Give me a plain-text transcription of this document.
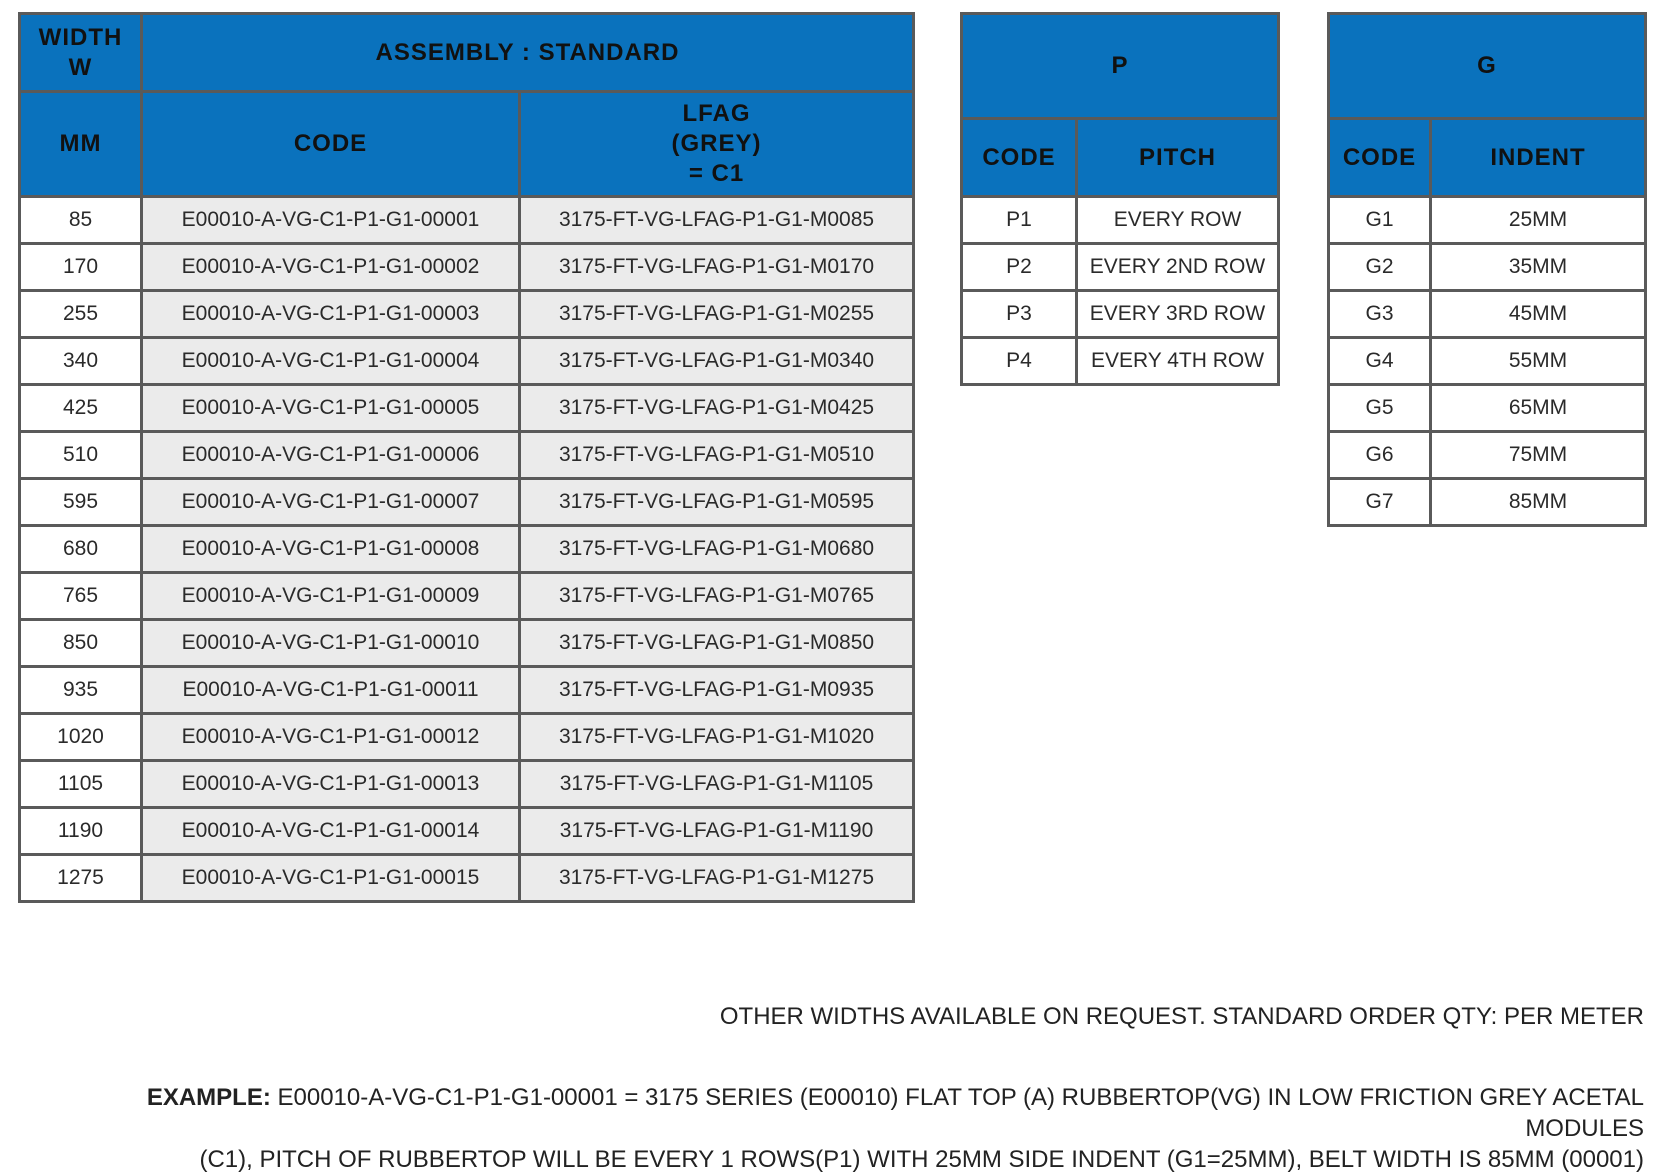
WIDTH
W	ASSEMBLY : STANDARD	
MM	CODE	LFAG
(GREY)
= C1
85	E00010-A-VG-C1-P1-G1-00001	3175-FT-VG-LFAG-P1-G1-M0085
170	E00010-A-VG-C1-P1-G1-00002	3175-FT-VG-LFAG-P1-G1-M0170
255	E00010-A-VG-C1-P1-G1-00003	3175-FT-VG-LFAG-P1-G1-M0255
340	E00010-A-VG-C1-P1-G1-00004	3175-FT-VG-LFAG-P1-G1-M0340
425	E00010-A-VG-C1-P1-G1-00005	3175-FT-VG-LFAG-P1-G1-M0425
510	E00010-A-VG-C1-P1-G1-00006	3175-FT-VG-LFAG-P1-G1-M0510
595	E00010-A-VG-C1-P1-G1-00007	3175-FT-VG-LFAG-P1-G1-M0595
680	E00010-A-VG-C1-P1-G1-00008	3175-FT-VG-LFAG-P1-G1-M0680
765	E00010-A-VG-C1-P1-G1-00009	3175-FT-VG-LFAG-P1-G1-M0765
850	E00010-A-VG-C1-P1-G1-00010	3175-FT-VG-LFAG-P1-G1-M0850
935	E00010-A-VG-C1-P1-G1-00011	3175-FT-VG-LFAG-P1-G1-M0935
1020	E00010-A-VG-C1-P1-G1-00012	3175-FT-VG-LFAG-P1-G1-M1020
1105	E00010-A-VG-C1-P1-G1-00013	3175-FT-VG-LFAG-P1-G1-M1105
1190	E00010-A-VG-C1-P1-G1-00014	3175-FT-VG-LFAG-P1-G1-M1190
1275	E00010-A-VG-C1-P1-G1-00015	3175-FT-VG-LFAG-P1-G1-M1275
P	
CODE	PITCH
P1	EVERY ROW
P2	EVERY 2ND ROW
P3	EVERY 3RD ROW
P4	EVERY 4TH ROW
G	
CODE	INDENT
G1	25MM
G2	35MM
G3	45MM
G4	55MM
G5	65MM
G6	75MM
G7	85MM
OTHER WIDTHS AVAILABLE ON REQUEST. STANDARD ORDER QTY: PER METER
EXAMPLE: E00010-A-VG-C1-P1-G1-00001 = 3175 SERIES (E00010) FLAT TOP (A) RUBBERTOP(VG) IN LOW FRICTION GREY ACETAL MODULES
(C1), PITCH OF RUBBERTOP WILL BE EVERY 1 ROWS(P1) WITH 25MM SIDE INDENT (G1=25MM), BELT WIDTH IS 85MM (00001)
